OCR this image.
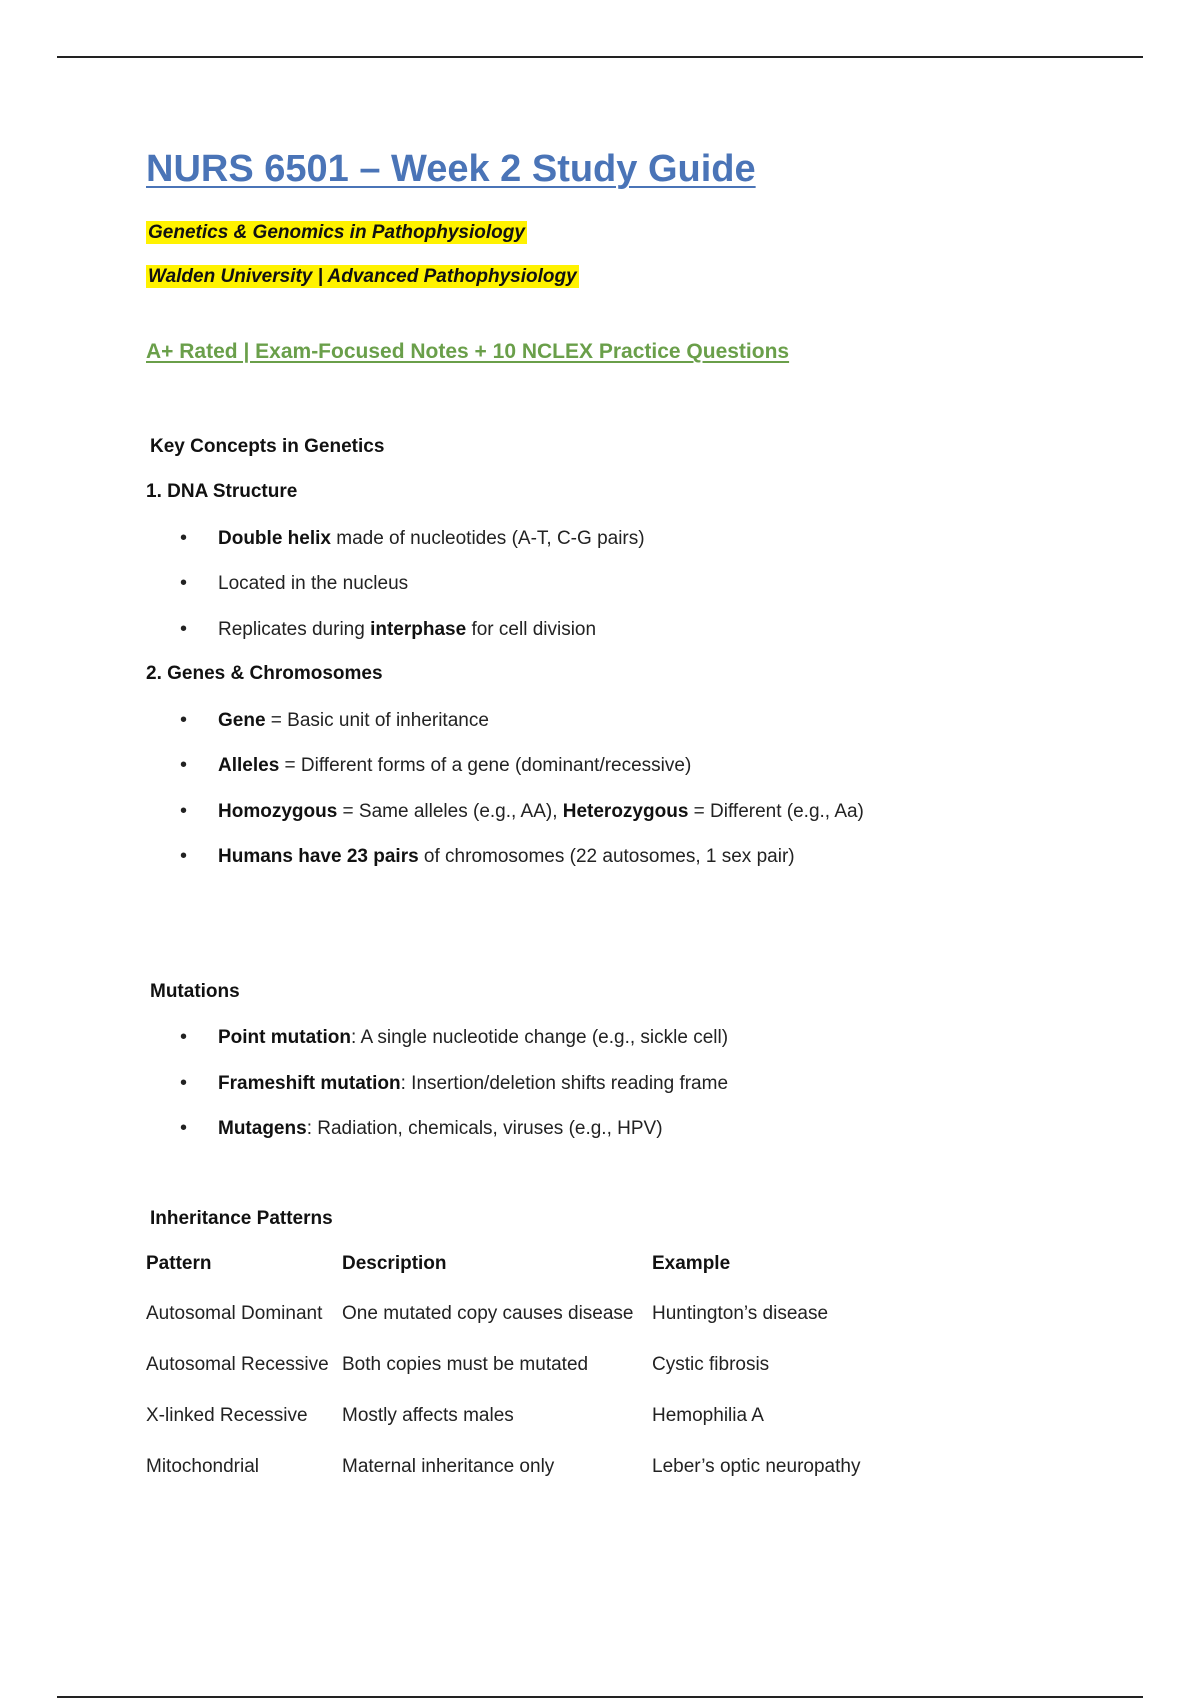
NURS 6501 – Week 2 Study Guide
Genetics & Genomics in Pathophysiology
Walden University | Advanced Pathophysiology
A+ Rated | Exam-Focused Notes + 10 NCLEX Practice Questions
Key Concepts in Genetics
1. DNA Structure
• Double helix made of nucleotides (A-T, C-G pairs)
• Located in the nucleus
• Replicates during interphase for cell division
2. Genes & Chromosomes
• Gene = Basic unit of inheritance
• Alleles = Different forms of a gene (dominant/recessive)
• Homozygous = Same alleles (e.g., AA), Heterozygous = Different (e.g., Aa)
• Humans have 23 pairs of chromosomes (22 autosomes, 1 sex pair)
Mutations
• Point mutation: A single nucleotide change (e.g., sickle cell)
• Frameshift mutation: Insertion/deletion shifts reading frame
• Mutagens: Radiation, chemicals, viruses (e.g., HPV)
Inheritance Patterns
Pattern	Description	Example
Autosomal Dominant	One mutated copy causes disease	Huntington’s disease
Autosomal Recessive	Both copies must be mutated	Cystic fibrosis
X-linked Recessive	Mostly affects males	Hemophilia A
Mitochondrial	Maternal inheritance only	Leber’s optic neuropathy
